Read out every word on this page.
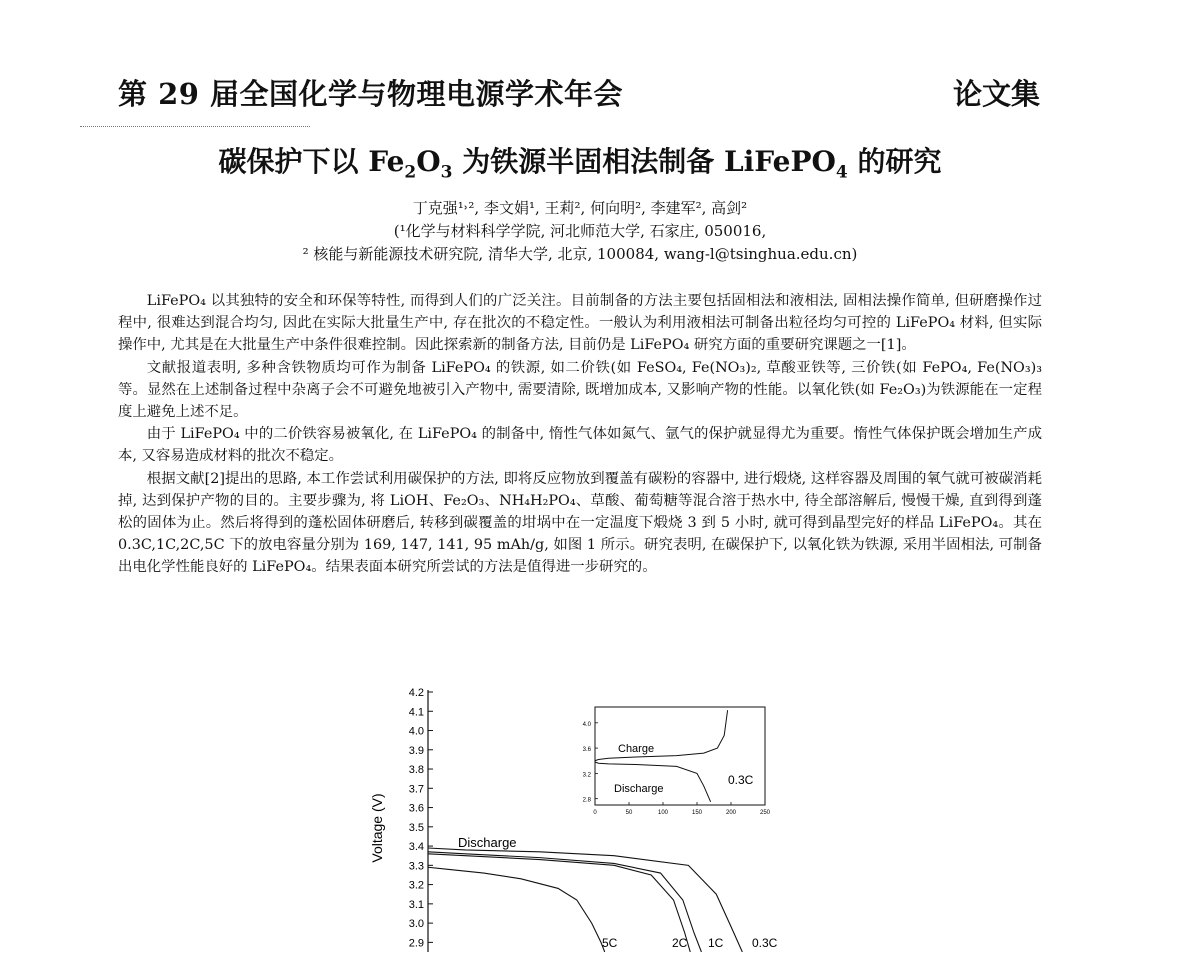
第 29 届全国化学与物理电源学术年会	论文集
碳保护下以 $Fe_2O_3$ 为铁源半固相法制备 LiFePO$_4$ 的研究
丁克强¹˒², 李文娟¹, 王莉², 何向明², 李建军², 高剑²
(¹化学与材料科学学院, 河北师范大学, 石家庄, 050016,
² 核能与新能源技术研究院, 清华大学, 北京, 100084, wang-l@tsinghua.edu.cn)

LiFePO₄ 以其独特的安全和环保等特性, 而得到人们的广泛关注。目前制备的方法主要包括固相法和液相法, 固相法操作简单, 但研磨操作过程中, 很难达到混合均匀, 因此在实际大批量生产中, 存在批次的不稳定性。一般认为利用液相法可制备出粒径均匀可控的 LiFePO₄ 材料, 但实际操作中, 尤其是在大批量生产中条件很难控制。因此探索新的制备方法, 目前仍是 LiFePO₄ 研究方面的重要研究课题之一[1]。

文献报道表明, 多种含铁物质均可作为制备 LiFePO₄ 的铁源, 如二价铁(如 FeSO₄, Fe(NO₃)₂, 草酸亚铁等, 三价铁(如 FePO₄, Fe(NO₃)₃ 等。显然在上述制备过程中杂离子会不可避免地被引入产物中, 需要清除, 既增加成本, 又影响产物的性能。以氧化铁(如 Fe₂O₃)为铁源能在一定程度上避免上述不足。

由于 LiFePO₄ 中的二价铁容易被氧化, 在 LiFePO₄ 的制备中, 惰性气体如氮气、氩气的保护就显得尤为重要。惰性气体保护既会增加生产成本, 又容易造成材料的批次不稳定。

根据文献[2]提出的思路, 本工作尝试利用碳保护的方法, 即将反应物放到覆盖有碳粉的容器中, 进行煅烧, 这样容器及周围的氧气就可被碳消耗掉, 达到保护产物的目的。主要步骤为, 将 LiOH、Fe₂O₃、NH₄H₂PO₄、草酸、葡萄糖等混合溶于热水中, 待全部溶解后, 慢慢干燥, 直到得到蓬松的固体为止。然后将得到的蓬松固体研磨后, 转移到碳覆盖的坩埚中在一定温度下煅烧 3 到 5 小时, 就可得到晶型完好的样品 LiFePO₄。其在 0.3C,1C,2C,5C 下的放电容量分别为 169, 147, 141, 95 mAh/g, 如图 1 所示。研究表明, 在碳保护下, 以氧化铁为铁源, 采用半固相法, 可制备出电化学性能良好的 LiFePO₄。结果表面本研究所尝试的方法是值得进一步研究的。

Voltage (V)	Discharge
4.2
4.1
4.0
3.9
3.8
3.7
3.6
3.5
3.4
3.3
3.2
3.1
3.0
2.9	5C	2C 1C 0.3C
4.0
3.6
3.2
2.8
0	50	100	150	200	250
Charge
Discharge
0.3C
